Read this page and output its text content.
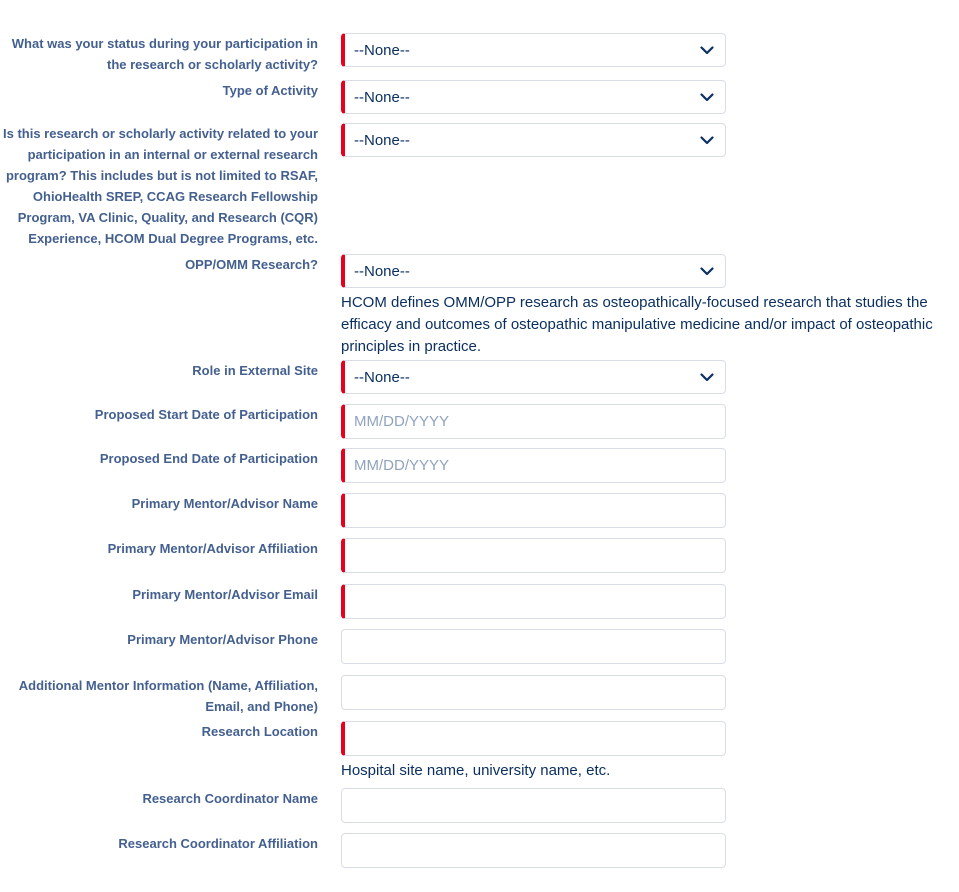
What was your status during your participation in the research or scholarly activity?
--None--
Type of Activity
--None--
Is this research or scholarly activity related to your participation in an internal or external research program? This includes but is not limited to RSAF, OhioHealth SREP, CCAG Research Fellowship Program, VA Clinic, Quality, and Research (CQR) Experience, HCOM Dual Degree Programs, etc.
--None--
OPP/OMM Research?
--None--
HCOM defines OMM/OPP research as osteopathically-focused research that studies the efficacy and outcomes of osteopathic manipulative medicine and/or impact of osteopathic principles in practice.
Role in External Site
--None--
Proposed Start Date of Participation
MM/DD/YYYY
Proposed End Date of Participation
MM/DD/YYYY
Primary Mentor/Advisor Name
Primary Mentor/Advisor Affiliation
Primary Mentor/Advisor Email
Primary Mentor/Advisor Phone
Additional Mentor Information (Name, Affiliation, Email, and Phone)
Research Location
Hospital site name, university name, etc.
Research Coordinator Name
Research Coordinator Affiliation
